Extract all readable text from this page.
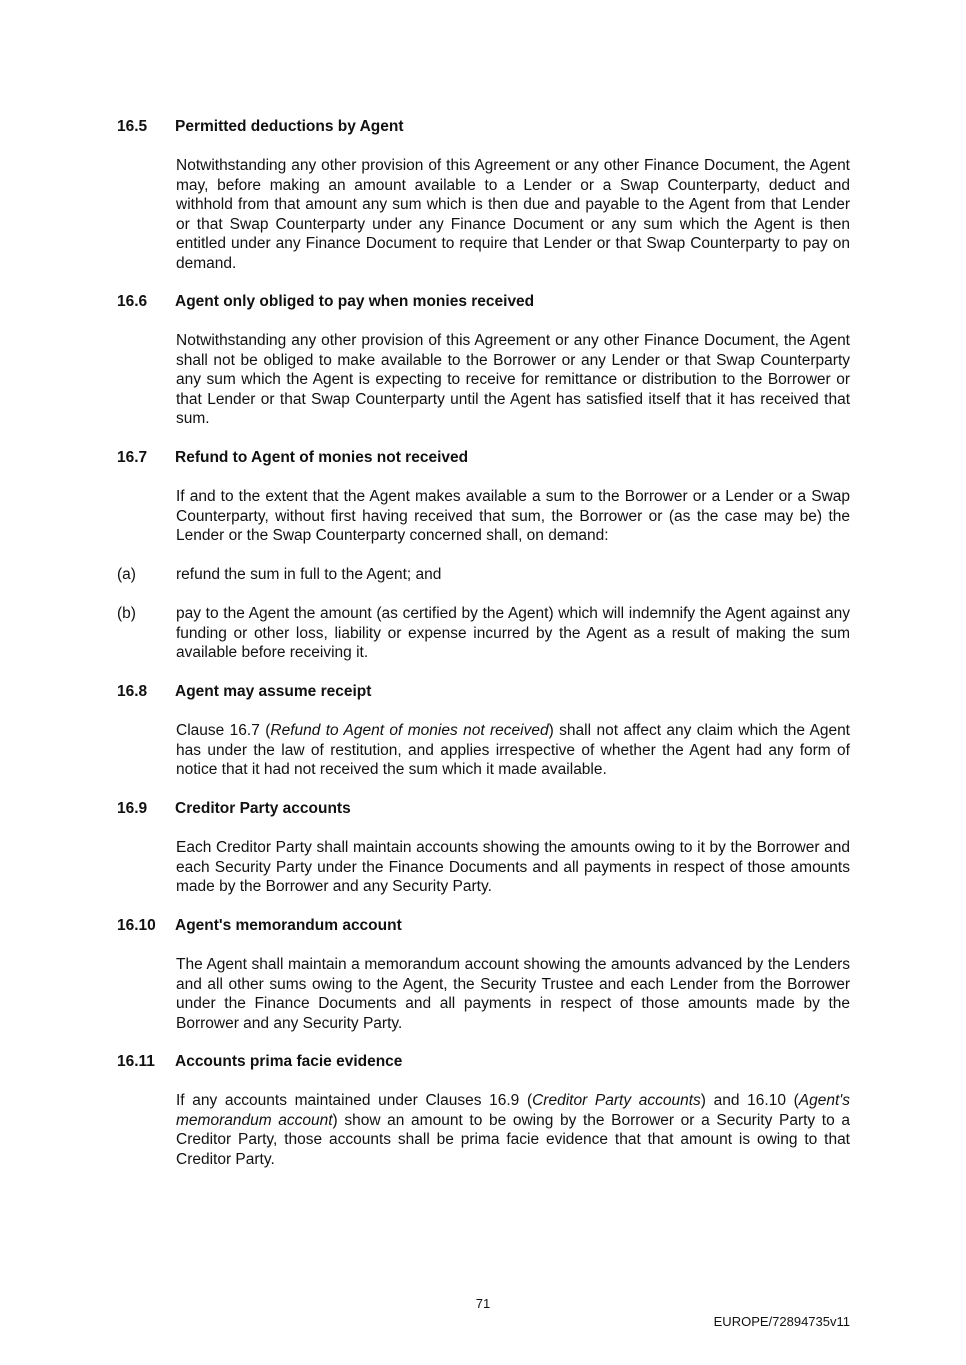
16.5 Permitted deductions by Agent
Notwithstanding any other provision of this Agreement or any other Finance Document, the Agent may, before making an amount available to a Lender or a Swap Counterparty, deduct and withhold from that amount any sum which is then due and payable to the Agent from that Lender or that Swap Counterparty under any Finance Document or any sum which the Agent is then entitled under any Finance Document to require that Lender or that Swap Counterparty to pay on demand.
16.6 Agent only obliged to pay when monies received
Notwithstanding any other provision of this Agreement or any other Finance Document, the Agent shall not be obliged to make available to the Borrower or any Lender or that Swap Counterparty any sum which the Agent is expecting to receive for remittance or distribution to the Borrower or that Lender or that Swap Counterparty until the Agent has satisfied itself that it has received that sum.
16.7 Refund to Agent of monies not received
If and to the extent that the Agent makes available a sum to the Borrower or a Lender or a Swap Counterparty, without first having received that sum, the Borrower or (as the case may be) the Lender or the Swap Counterparty concerned shall, on demand:
(a)	refund the sum in full to the Agent; and
(b)	pay to the Agent the amount (as certified by the Agent) which will indemnify the Agent against any funding or other loss, liability or expense incurred by the Agent as a result of making the sum available before receiving it.
16.8 Agent may assume receipt
Clause 16.7 (Refund to Agent of monies not received) shall not affect any claim which the Agent has under the law of restitution, and applies irrespective of whether the Agent had any form of notice that it had not received the sum which it made available.
16.9 Creditor Party accounts
Each Creditor Party shall maintain accounts showing the amounts owing to it by the Borrower and each Security Party under the Finance Documents and all payments in respect of those amounts made by the Borrower and any Security Party.
16.10 Agent's memorandum account
The Agent shall maintain a memorandum account showing the amounts advanced by the Lenders and all other sums owing to the Agent, the Security Trustee and each Lender from the Borrower under the Finance Documents and all payments in respect of those amounts made by the Borrower and any Security Party.
16.11 Accounts prima facie evidence
If any accounts maintained under Clauses 16.9 (Creditor Party accounts) and 16.10 (Agent's memorandum account) show an amount to be owing by the Borrower or a Security Party to a Creditor Party, those accounts shall be prima facie evidence that that amount is owing to that Creditor Party.
71
EUROPE/72894735v11
